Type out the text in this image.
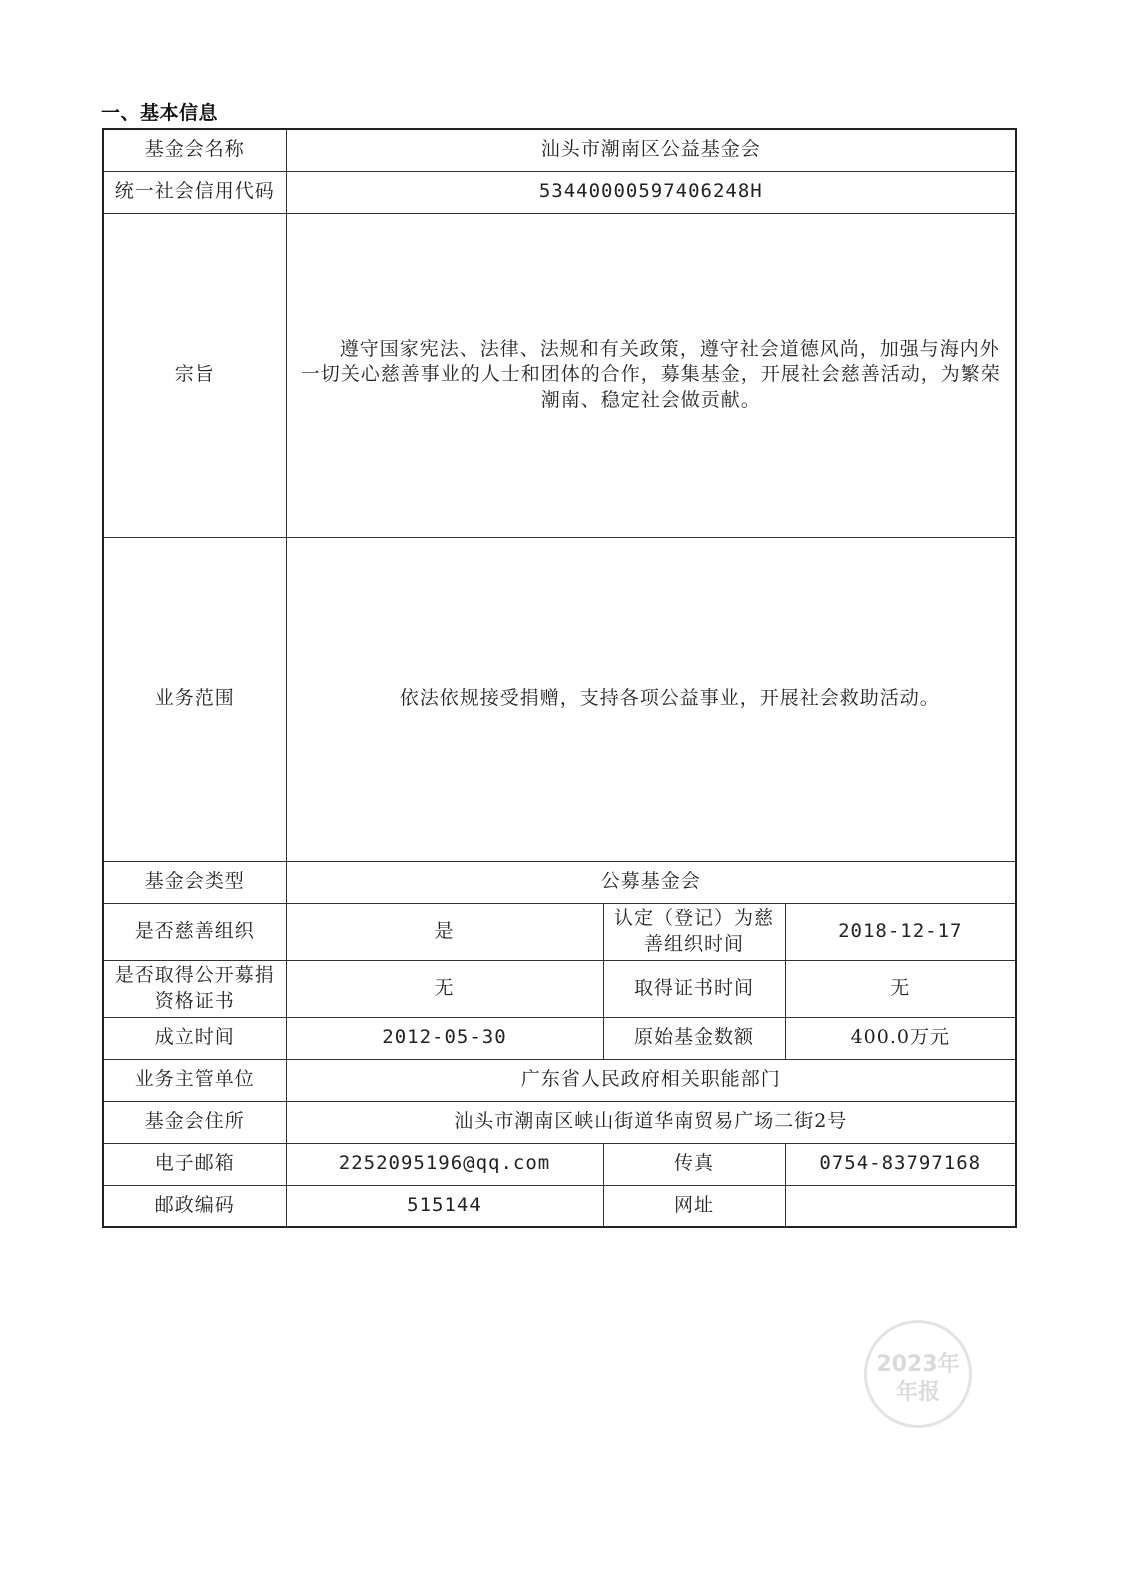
一、基本信息
基金会名称	汕头市潮南区公益基金会		
统一社会信用代码	53440000597406248H		
宗旨	遵守国家宪法、法律、法规和有关政策，遵守社会道德风尚，加强与海内外一切关心慈善事业的人士和团体的合作，募集基金，开展社会慈善活动，为繁荣潮南、稳定社会做贡献。		

业务范围	依法依规接受捐赠，支持各项公益事业，开展社会救助活动。		

基金会类型	公募基金会		
是否慈善组织	是	认定（登记）为慈善组织时间	2018-12-17
是否取得公开募捐资格证书	无	取得证书时间	无
成立时间	2012-05-30	原始基金数额	400.0万元
业务主管单位	广东省人民政府相关职能部门		
基金会住所	汕头市潮南区峡山街道华南贸易广场二街2号		
电子邮箱	2252095196@qq.com	传真	0754-83797168
邮政编码	515144	网址	
2023年
年报
